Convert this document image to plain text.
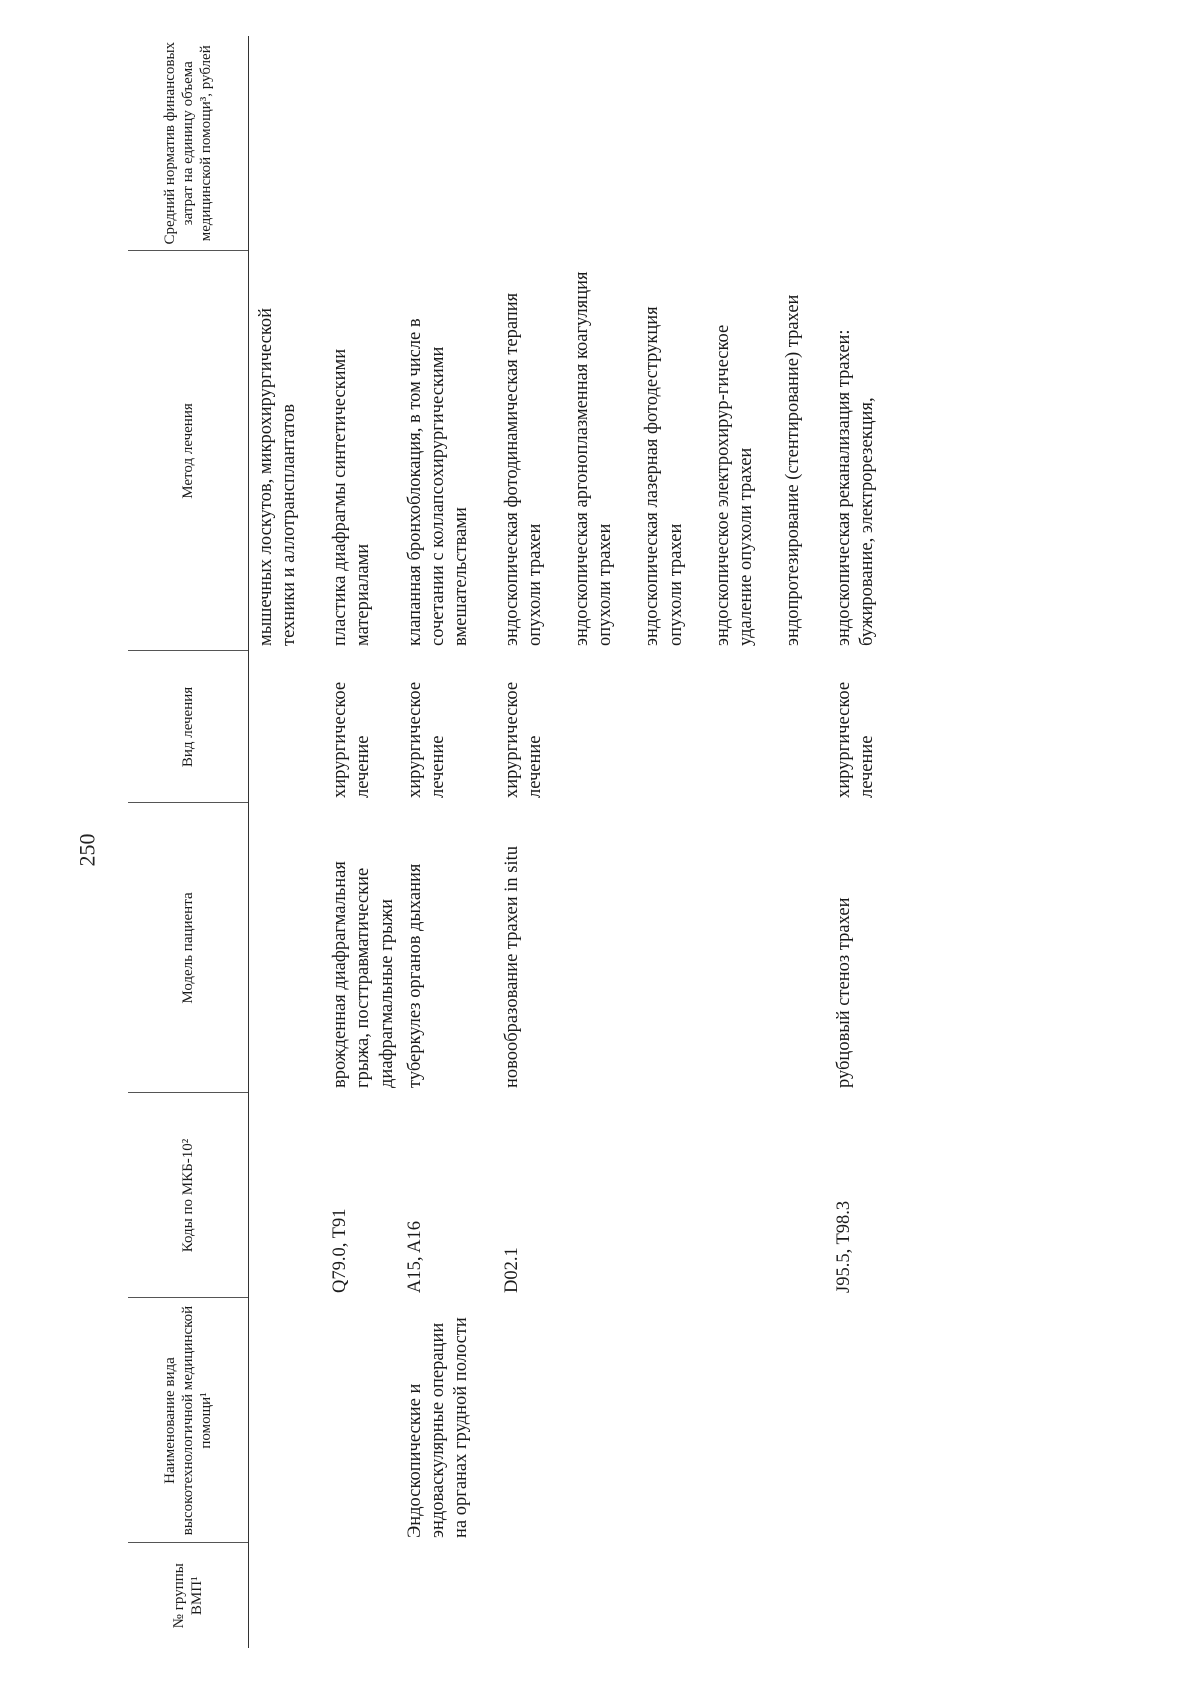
250
№ группы ВМП¹	Наименование вида высокотехнологичной медицинской помощи¹	Коды по МКБ-10²	Модель пациента	Вид лечения	Метод лечения	Средний норматив финансовых затрат на единицу объема медицинской помощи³, рублей

					мышечных лоскутов, микрохирургической техники и аллотрансплантатов	

		Q79.0, T91	врожденная диафрагмальная грыжа, посттравматические диафрагмальные грыжи	хирургическое лечение	пластика диафрагмы синтетическими материалами	

	Эндоскопические и эндоваскулярные операции на органах грудной полости	A15, A16	туберкулез органов дыхания	хирургическое лечение	клапанная бронхоблокация, в том числе в сочетании с коллапсохирургическими вмешательствами	

		D02.1	новообразование трахеи in situ	хирургическое лечение	эндоскопическая фотодинамическая терапия опухоли трахеи эндоскопическая аргоноплазменная коагуляция опухоли трахеи эндоскопическая лазерная фотодеструкция опухоли трахеи эндоскопическое электрохирур-гическое удаление опухоли трахеи эндопротезирование (стентирование) трахеи	

		J95.5, T98.3	рубцовый стеноз трахеи	хирургическое лечение	эндоскопическая реканализация трахеи: бужирование, электрорезекция,	
